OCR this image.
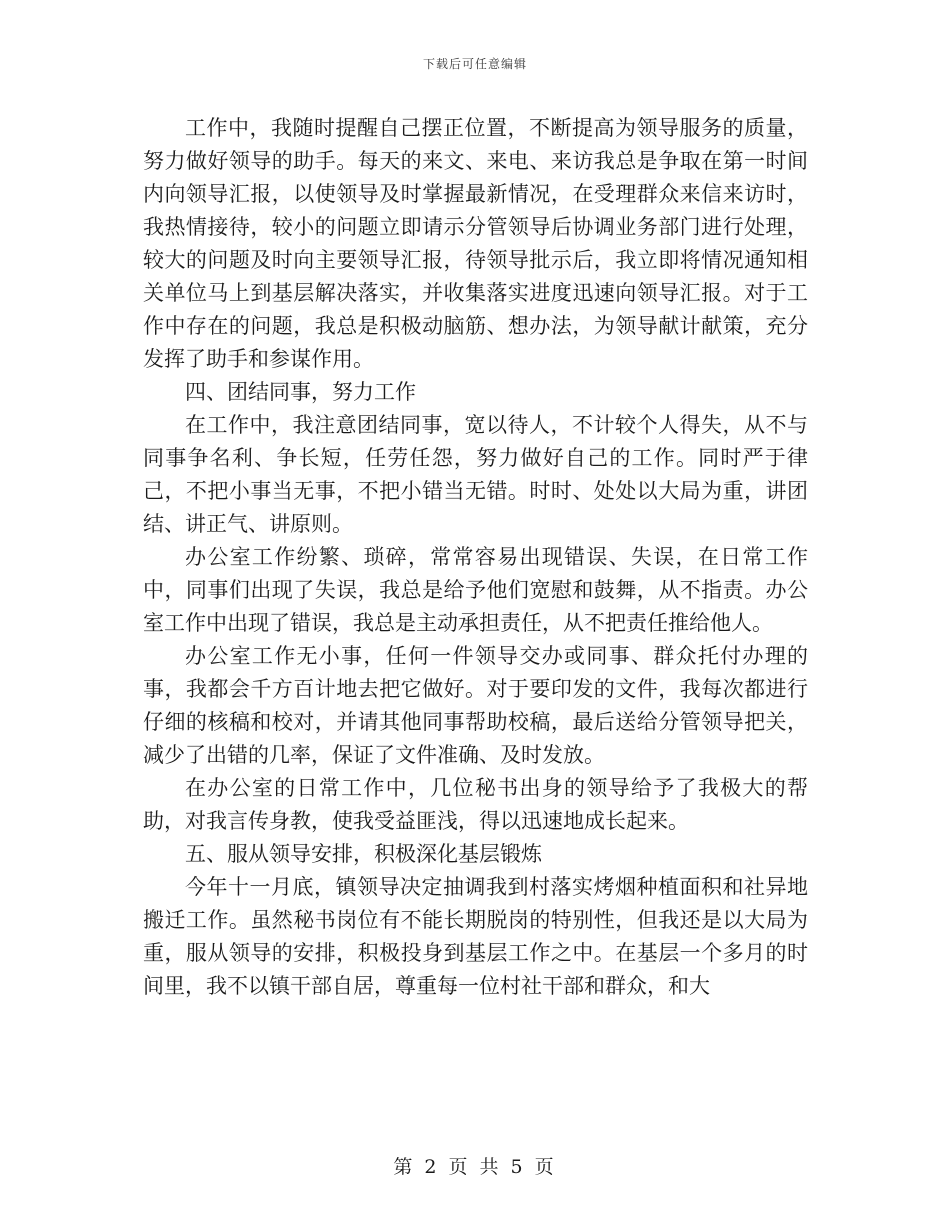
下载后可任意编辑

工作中，我随时提醒自己摆正位置，不断提高为领导服务的质量，努力做好领导的助手。每天的来文、来电、来访我总是争取在第一时间内向领导汇报，以使领导及时掌握最新情况，在受理群众来信来访时，我热情接待，较小的问题立即请示分管领导后协调业务部门进行处理，较大的问题及时向主要领导汇报，待领导批示后，我立即将情况通知相关单位马上到基层解决落实，并收集落实进度迅速向领导汇报。对于工作中存在的问题，我总是积极动脑筋、想办法，为领导献计献策，充分发挥了助手和参谋作用。

四、团结同事，努力工作

在工作中，我注意团结同事，宽以待人，不计较个人得失，从不与同事争名利、争长短，任劳任怨，努力做好自己的工作。同时严于律己，不把小事当无事，不把小错当无错。时时、处处以大局为重，讲团结、讲正气、讲原则。

办公室工作纷繁、琐碎，常常容易出现错误、失误，在日常工作中，同事们出现了失误，我总是给予他们宽慰和鼓舞，从不指责。办公室工作中出现了错误，我总是主动承担责任，从不把责任推给他人。

办公室工作无小事，任何一件领导交办或同事、群众托付办理的事，我都会千方百计地去把它做好。对于要印发的文件，我每次都进行仔细的核稿和校对，并请其他同事帮助校稿，最后送给分管领导把关，减少了出错的几率，保证了文件准确、及时发放。

在办公室的日常工作中，几位秘书出身的领导给予了我极大的帮助，对我言传身教，使我受益匪浅，得以迅速地成长起来。

五、服从领导安排，积极深化基层锻炼

今年十一月底，镇领导决定抽调我到村落实烤烟种植面积和社异地搬迁工作。虽然秘书岗位有不能长期脱岗的特别性，但我还是以大局为重，服从领导的安排，积极投身到基层工作之中。在基层一个多月的时间里，我不以镇干部自居，尊重每一位村社干部和群众，和大

第 2 页 共 5 页
